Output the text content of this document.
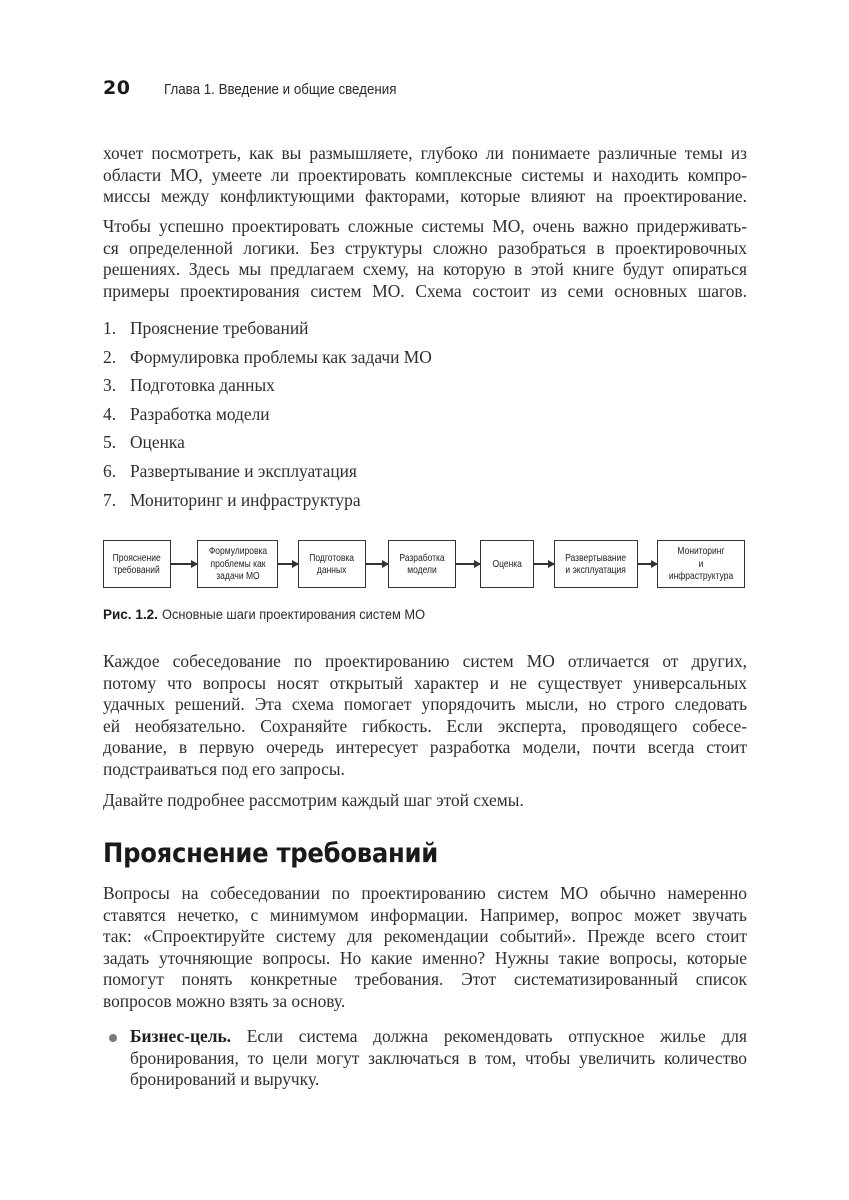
20 Глава 1. Введение и общие сведения

хочет посмотреть, как вы размышляете, глубоко ли понимаете различные темы из
области МО, умеете ли проектировать комплексные системы и находить компро-
миссы между конфликтующими факторами, которые влияют на проектирование.

Чтобы успешно проектировать сложные системы МО, очень важно придерживать-
ся определенной логики. Без структуры сложно разобраться в проектировочных
решениях. Здесь мы предлагаем схему, на которую в этой книге будут опираться
примеры проектирования систем МО. Схема состоит из семи основных шагов.

1. Прояснение требований
2. Формулировка проблемы как задачи МО
3. Подготовка данных
4. Разработка модели
5. Оценка
6. Развертывание и эксплуатация
7. Мониторинг и инфраструктура
Прояснение
требований
Формулировка
проблемы как
задачи МО
Подготовка
данных
Разработка
модели
Оценка
Развертывание
и эксплуатация
Мониторинг
и инфраструктура
Рис. 1.2. Основные шаги проектирования систем МО

Каждое собеседование по проектированию систем МО отличается от других,
потому что вопросы носят открытый характер и не существует универсальных
удачных решений. Эта схема помогает упорядочить мысли, но строго следовать
ей необязательно. Сохраняйте гибкость. Если эксперта, проводящего собесе-
дование, в первую очередь интересует разработка модели, почти всегда стоит
подстраиваться под его запросы.

Давайте подробнее рассмотрим каждый шаг этой схемы.

Прояснение требований

Вопросы на собеседовании по проектированию систем МО обычно намеренно
ставятся нечетко, с минимумом информации. Например, вопрос может звучать
так: «Спроектируйте систему для рекомендации событий». Прежде всего стоит
задать уточняющие вопросы. Но какие именно? Нужны такие вопросы, которые
помогут понять конкретные требования. Этот систематизированный список
вопросов можно взять за основу.

Бизнес-цель. Если система должна рекомендовать отпускное жилье для
бронирования, то цели могут заключаться в том, чтобы увеличить количество
бронирований и выручку.
